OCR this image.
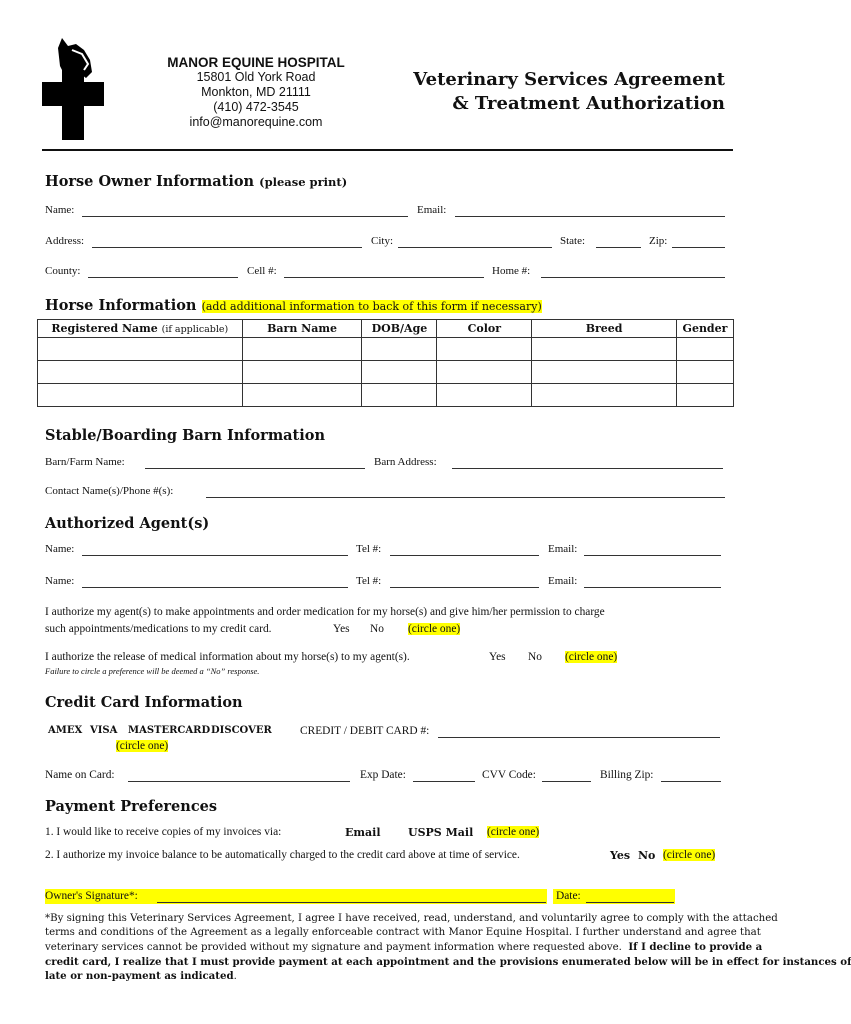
MANOR EQUINE HOSPITAL
15801 Old York Road
Monkton, MD 21111
(410) 472-3545
info@manorequine.com
Veterinary Services Agreement
& Treatment Authorization
Horse Owner Information (please print)
Name:	Email:
Address:	City:	State:	Zip:
County:	Cell #:	Home #:
Horse Information (add additional information to back of this form if necessary)
Registered Name (if applicable)	Barn Name	DOB/Age	Color	Breed	Gender

Stable/Boarding Barn Information
Barn/Farm Name:	Barn Address:
Contact Name(s)/Phone #(s):
Authorized Agent(s)
Name:	Tel #:	Email:
Name:	Tel #:	Email:
I authorize my agent(s) to make appointments and order medication for my horse(s) and give him/her permission to charge
such appointments/medications to my credit card.	Yes No (circle one)
I authorize the release of medical information about my horse(s) to my agent(s).	Yes No (circle one)
Failure to circle a preference will be deemed a “No” response.
Credit Card Information
AMEX VISA MASTERCARD DISCOVER
(circle one)
CREDIT / DEBIT CARD #:
Name on Card:	Exp Date:	CVV Code:	Billing Zip:
Payment Preferences
1. I would like to receive copies of my invoices via:	Email USPS Mail (circle one)
2. I authorize my invoice balance to be automatically charged to the credit card above at time of service.	Yes No (circle one)
Owner's Signature*:	Date:
*By signing this Veterinary Services Agreement, I agree I have received, read, understand, and voluntarily agree to comply with the attached
terms and conditions of the Agreement as a legally enforceable contract with Manor Equine Hospital. I further understand and agree that
veterinary services cannot be provided without my signature and payment information where requested above. If I decline to provide a
credit card, I realize that I must provide payment at each appointment and the provisions enumerated below will be in effect for instances of
late or non-payment as indicated.
